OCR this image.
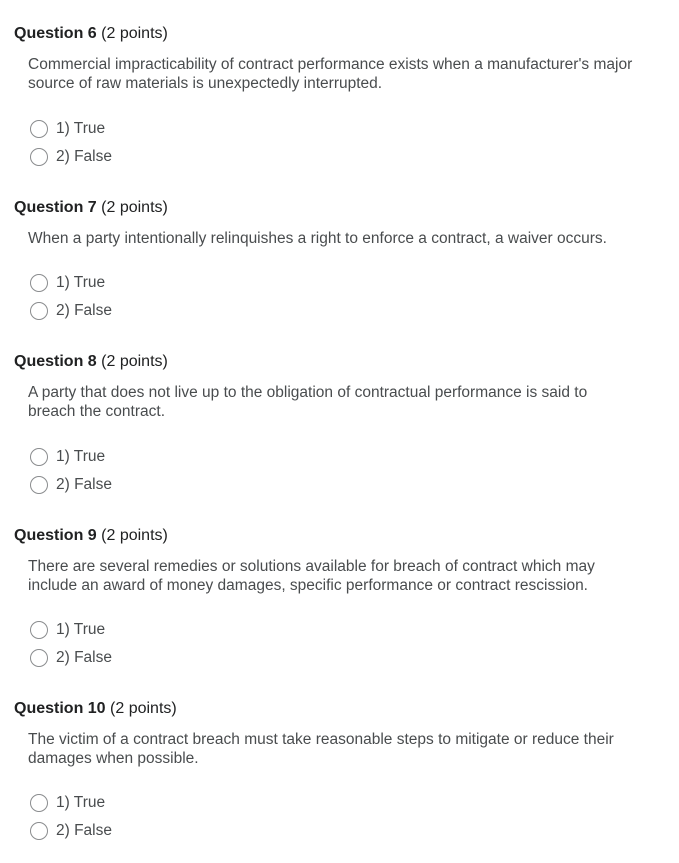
Question 6 (2 points)
Commercial impracticability of contract performance exists when a manufacturer's major source of raw materials is unexpectedly interrupted.
1) True
2) False
Question 7 (2 points)
When a party intentionally relinquishes a right to enforce a contract, a waiver occurs.
1) True
2) False
Question 8 (2 points)
A party that does not live up to the obligation of contractual performance is said to breach the contract.
1) True
2) False
Question 9 (2 points)
There are several remedies or solutions available for breach of contract which may include an award of money damages, specific performance or contract rescission.
1) True
2) False
Question 10 (2 points)
The victim of a contract breach must take reasonable steps to mitigate or reduce their damages when possible.
1) True
2) False
